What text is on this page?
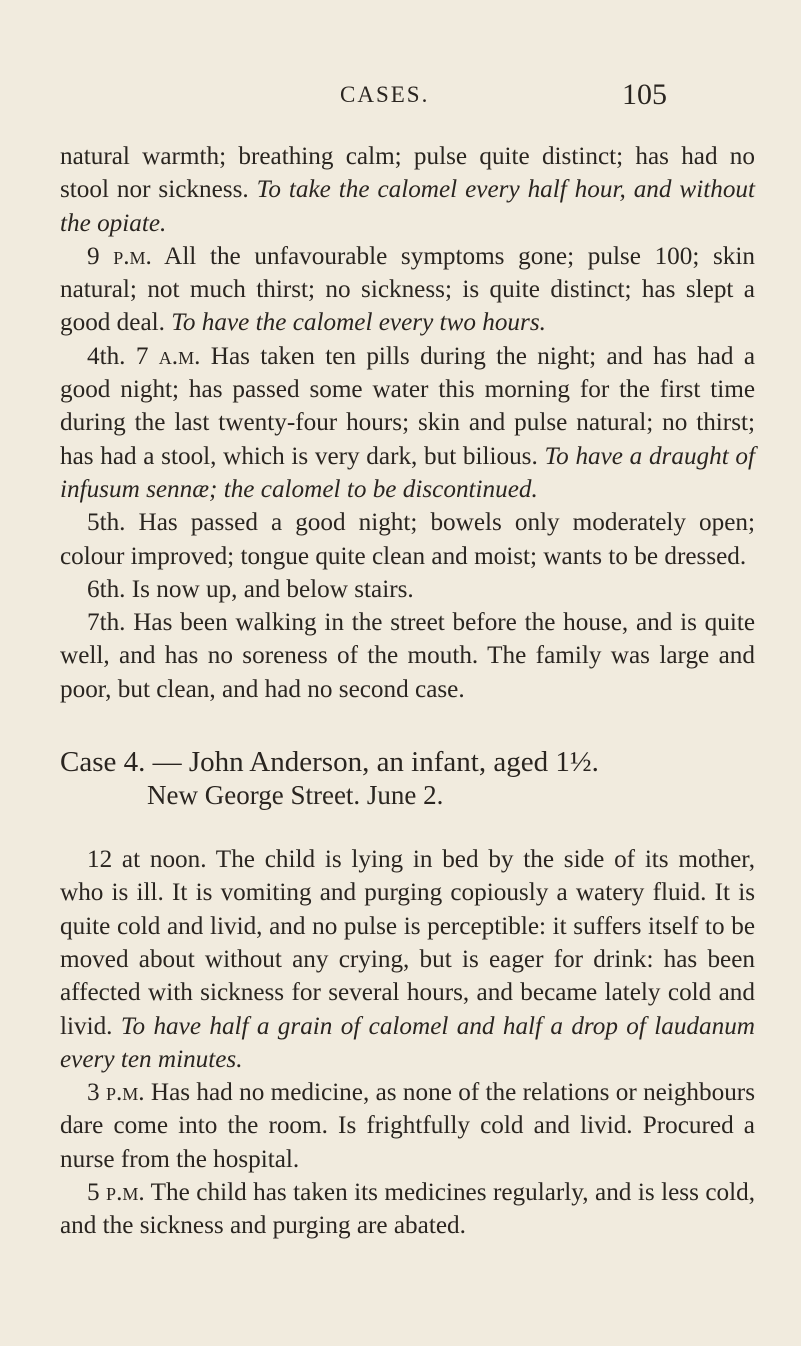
CASES.	105

natural warmth; breathing calm; pulse quite distinct; has had no stool nor sickness. To take the calomel every half hour, and without the opiate.

9 p.m. All the unfavourable symptoms gone; pulse 100; skin natural; not much thirst; no sickness; is quite distinct; has slept a good deal. To have the calomel every two hours.

4th. 7 a.m. Has taken ten pills during the night; and has had a good night; has passed some water this morning for the first time during the last twenty-four hours; skin and pulse natural; no thirst; has had a stool, which is very dark, but bilious. To have a draught of infusum sennæ; the calomel to be discontinued.

5th. Has passed a good night; bowels only moderately open; colour improved; tongue quite clean and moist; wants to be dressed.

6th. Is now up, and below stairs.

7th. Has been walking in the street before the house, and is quite well, and has no soreness of the mouth. The family was large and poor, but clean, and had no second case.

Case 4. — John Anderson, an infant, aged 1½.

New George Street. June 2.

12 at noon. The child is lying in bed by the side of its mother, who is ill. It is vomiting and purging copiously a watery fluid. It is quite cold and livid, and no pulse is perceptible: it suffers itself to be moved about without any crying, but is eager for drink: has been affected with sickness for several hours, and became lately cold and livid. To have half a grain of calomel and half a drop of laudanum every ten minutes.

3 p.m. Has had no medicine, as none of the relations or neighbours dare come into the room. Is frightfully cold and livid. Procured a nurse from the hospital.

5 p.m. The child has taken its medicines regularly, and is less cold, and the sickness and purging are abated.
